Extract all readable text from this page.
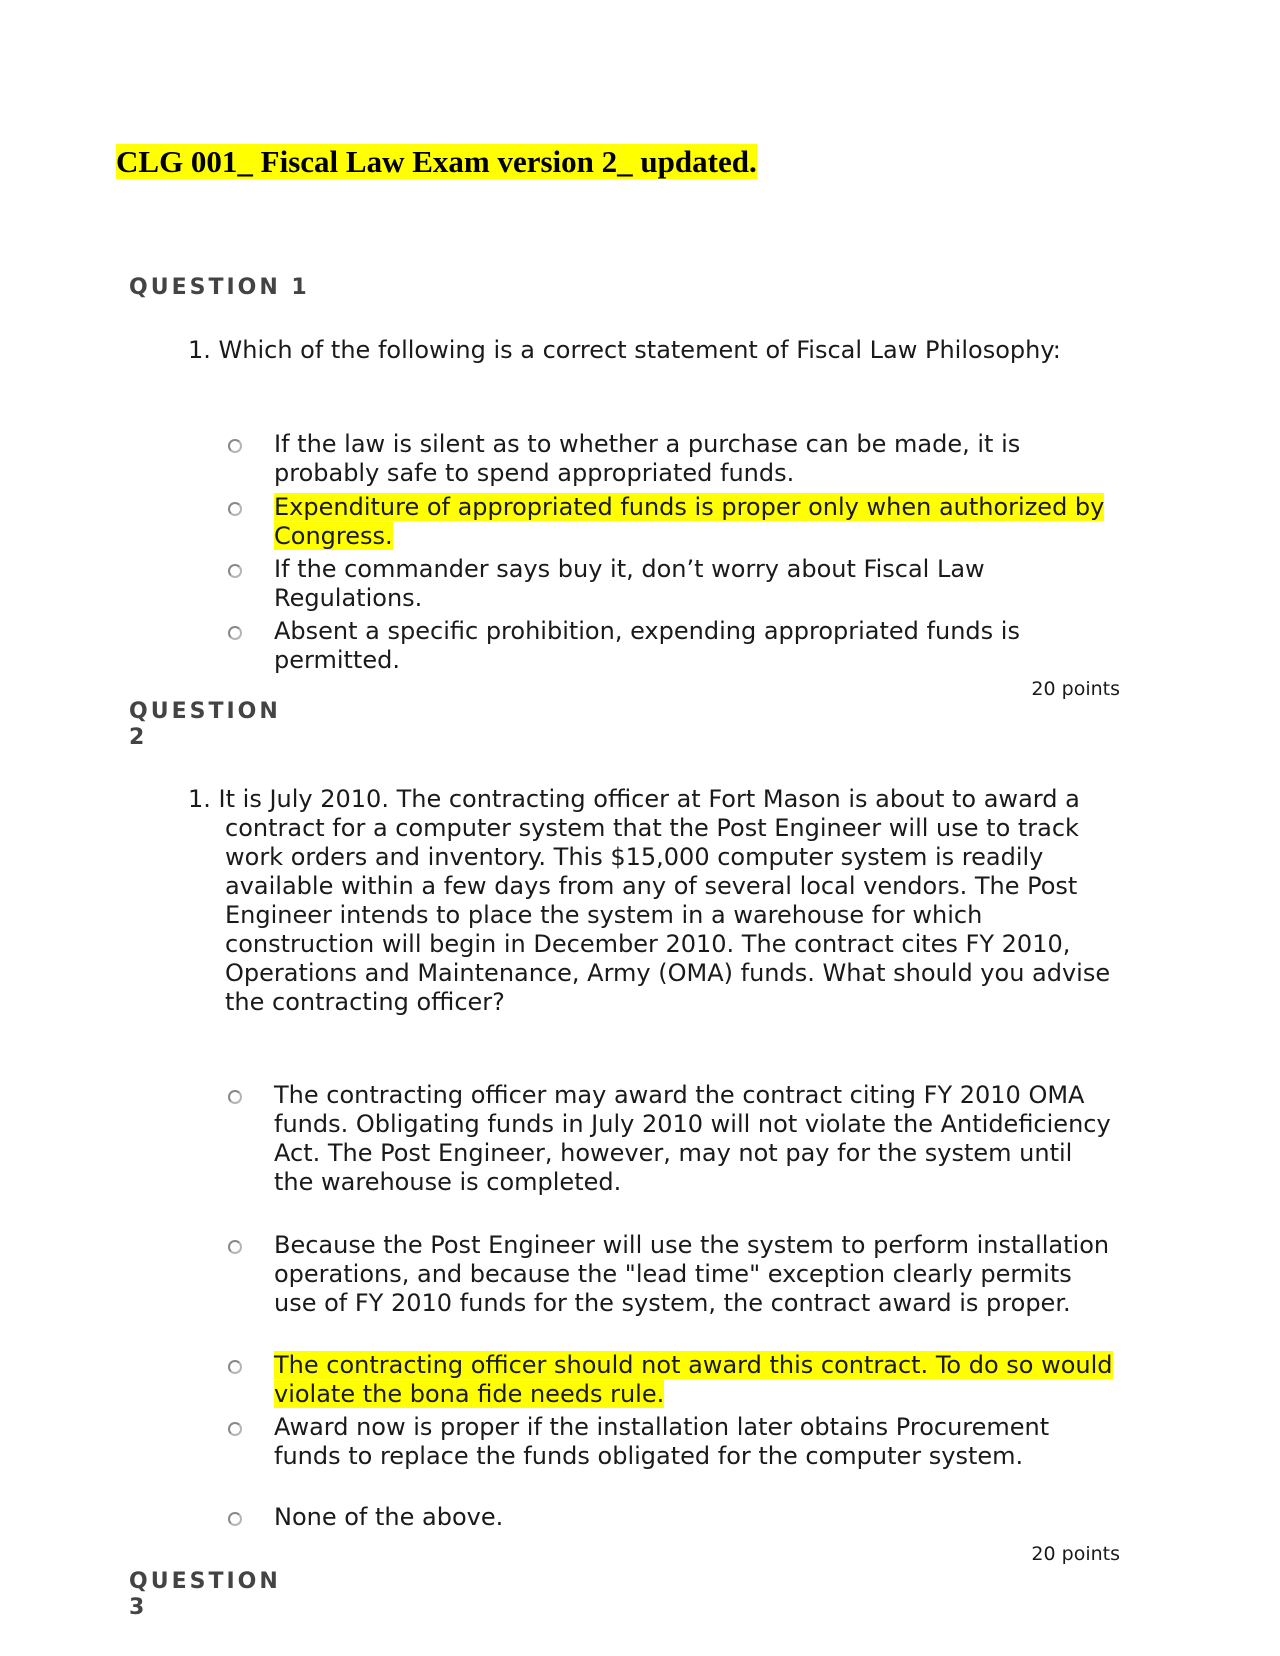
CLG 001_ Fiscal Law Exam version 2_ updated.
QUESTION 1
1. Which of the following is a correct statement of Fiscal Law Philosophy:
If the law is silent as to whether a purchase can be made, it is probably safe to spend appropriated funds.
Expenditure of appropriated funds is proper only when authorized by Congress.
If the commander says buy it, don’t worry about Fiscal Law Regulations.
Absent a specific prohibition, expending appropriated funds is permitted.
20 points
QUESTION 2
1. It is July 2010. The contracting officer at Fort Mason is about to award a contract for a computer system that the Post Engineer will use to track work orders and inventory. This $15,000 computer system is readily available within a few days from any of several local vendors. The Post Engineer intends to place the system in a warehouse for which construction will begin in December 2010. The contract cites FY 2010, Operations and Maintenance, Army (OMA) funds. What should you advise the contracting officer?
The contracting officer may award the contract citing FY 2010 OMA funds. Obligating funds in July 2010 will not violate the Antideficiency Act. The Post Engineer, however, may not pay for the system until the warehouse is completed.
Because the Post Engineer will use the system to perform installation operations, and because the "lead time" exception clearly permits use of FY 2010 funds for the system, the contract award is proper.
The contracting officer should not award this contract. To do so would violate the bona fide needs rule.
Award now is proper if the installation later obtains Procurement funds to replace the funds obligated for the computer system.
None of the above.
20 points
QUESTION 3
